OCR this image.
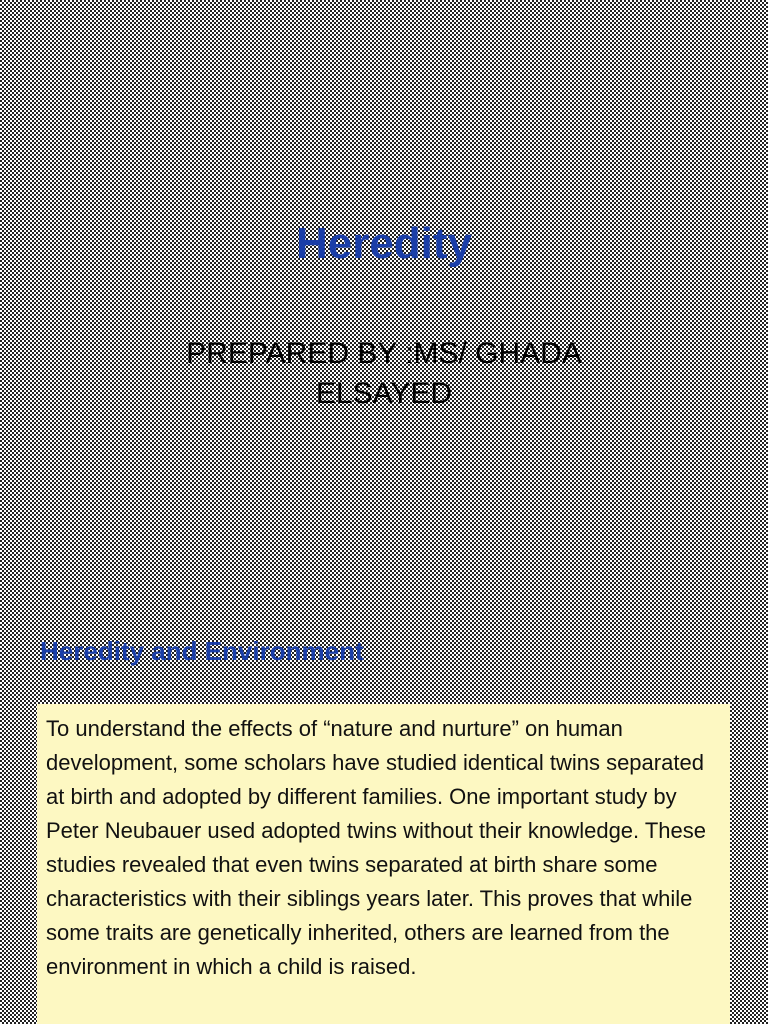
Heredity
PREPARED BY :MS/ GHADA ELSAYED
Heredity and Environment
To understand the effects of “nature and nurture” on human development, some scholars have studied identical twins separated at birth and adopted by different families. One important study by Peter Neubauer used adopted twins without their knowledge. These studies revealed that even twins separated at birth share some characteristics with their siblings years later. This proves that while some traits are genetically inherited, others are learned from the environment in which a child is raised.
